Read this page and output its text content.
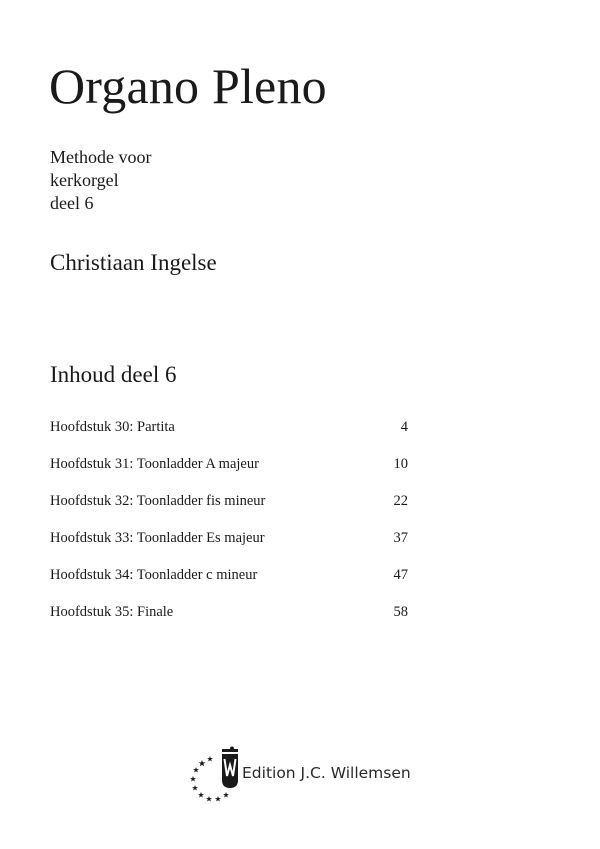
Organo Pleno
Methode voor
kerkorgel
deel 6
Christiaan Ingelse
Inhoud deel 6
Hoofdstuk 30: Partita	4
Hoofdstuk 31: Toonladder A majeur	10
Hoofdstuk 32: Toonladder fis mineur	22
Hoofdstuk 33: Toonladder Es majeur	37
Hoofdstuk 34: Toonladder c mineur	47
Hoofdstuk 35: Finale	58
Edition J.C. Willemsen
